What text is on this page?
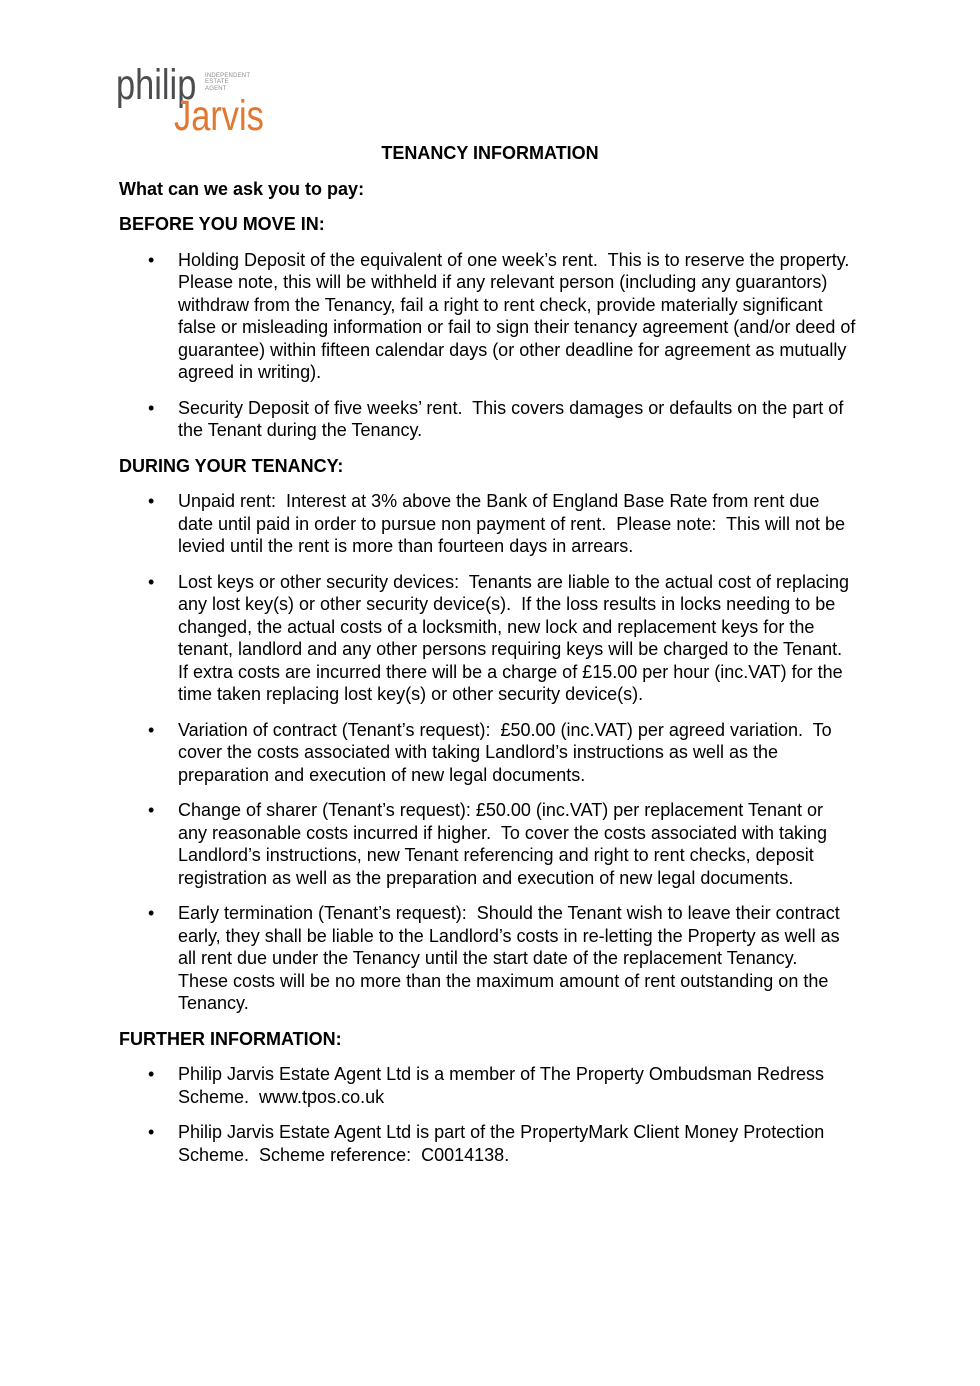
philip
Jarvis
INDEPENDENT
ESTATE
AGENT
TENANCY INFORMATION
What can we ask you to pay:
BEFORE YOU MOVE IN:
•
Holding Deposit of the equivalent of one week’s rent.  This is to reserve the property.
Please note, this will be withheld if any relevant person (including any guarantors)
withdraw from the Tenancy, fail a right to rent check, provide materially significant
false or misleading information or fail to sign their tenancy agreement (and/or deed of
guarantee) within fifteen calendar days (or other deadline for agreement as mutually
agreed in writing).
•
Security Deposit of five weeks’ rent.  This covers damages or defaults on the part of
the Tenant during the Tenancy.
DURING YOUR TENANCY:
•
Unpaid rent:  Interest at 3% above the Bank of England Base Rate from rent due
date until paid in order to pursue non payment of rent.  Please note:  This will not be
levied until the rent is more than fourteen days in arrears.
•
Lost keys or other security devices:  Tenants are liable to the actual cost of replacing
any lost key(s) or other security device(s).  If the loss results in locks needing to be
changed, the actual costs of a locksmith, new lock and replacement keys for the
tenant, landlord and any other persons requiring keys will be charged to the Tenant.
If extra costs are incurred there will be a charge of £15.00 per hour (inc.VAT) for the
time taken replacing lost key(s) or other security device(s).
•
Variation of contract (Tenant’s request):  £50.00 (inc.VAT) per agreed variation.  To
cover the costs associated with taking Landlord’s instructions as well as the
preparation and execution of new legal documents.
•
Change of sharer (Tenant’s request): £50.00 (inc.VAT) per replacement Tenant or
any reasonable costs incurred if higher.  To cover the costs associated with taking
Landlord’s instructions, new Tenant referencing and right to rent checks, deposit
registration as well as the preparation and execution of new legal documents.
•
Early termination (Tenant’s request):  Should the Tenant wish to leave their contract
early, they shall be liable to the Landlord’s costs in re-letting the Property as well as
all rent due under the Tenancy until the start date of the replacement Tenancy.
These costs will be no more than the maximum amount of rent outstanding on the
Tenancy.
FURTHER INFORMATION:
•
Philip Jarvis Estate Agent Ltd is a member of The Property Ombudsman Redress
Scheme.  www.tpos.co.uk
•
Philip Jarvis Estate Agent Ltd is part of the PropertyMark Client Money Protection
Scheme.  Scheme reference:  C0014138.
